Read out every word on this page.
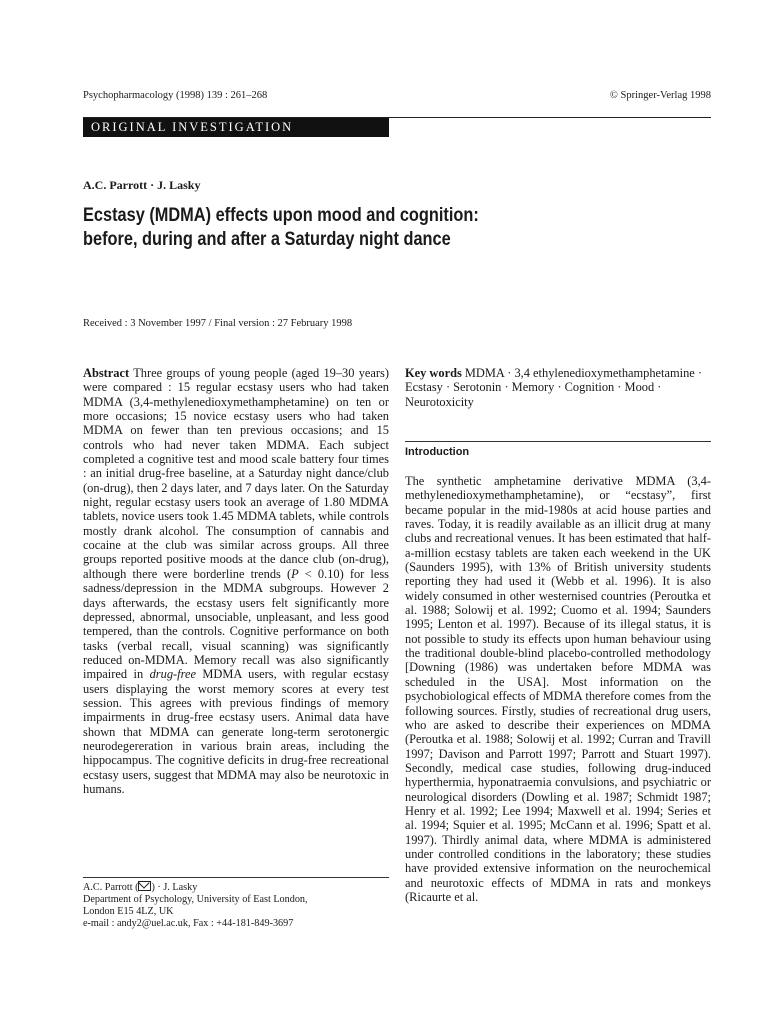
Psychopharmacology (1998) 139 : 261–268	© Springer-Verlag 1998
ORIGINAL INVESTIGATION
A.C. Parrott · J. Lasky
Ecstasy (MDMA) effects upon mood and cognition:
before, during and after a Saturday night dance
Received : 3 November 1997 / Final version : 27 February 1998
Abstract Three groups of young people (aged 19–30 years) were compared : 15 regular ecstasy users who had taken MDMA (3,4-methylenedioxymethamphetamine) on ten or more occasions; 15 novice ecstasy users who had taken MDMA on fewer than ten previous occasions; and 15 controls who had never taken MDMA. Each subject completed a cognitive test and mood scale battery four times : an initial drug-free baseline, at a Saturday night dance/club (on-drug), then 2 days later, and 7 days later. On the Saturday night, regular ecstasy users took an average of 1.80 MDMA tablets, novice users took 1.45 MDMA tablets, while controls mostly drank alcohol. The consumption of cannabis and cocaine at the club was similar across groups. All three groups reported positive moods at the dance club (on-drug), although there were borderline trends (P < 0.10) for less sadness/depression in the MDMA subgroups. However 2 days afterwards, the ecstasy users felt significantly more depressed, abnormal, unsociable, unpleasant, and less good tempered, than the controls. Cognitive performance on both tasks (verbal recall, visual scanning) was significantly reduced on-MDMA. Memory recall was also significantly impaired in drug-free MDMA users, with regular ecstasy users displaying the worst memory scores at every test session. This agrees with previous findings of memory impairments in drug-free ecstasy users. Animal data have shown that MDMA can generate long-term serotonergic neurodegereration in various brain areas, including the hippocampus. The cognitive deficits in drug-free recreational ecstasy users, suggest that MDMA may also be neurotoxic in humans.
Key words MDMA · 3,4 ethylenedioxymethamphetamine · Ecstasy · Serotonin · Memory · Cognition · Mood · Neurotoxicity
Introduction
The synthetic amphetamine derivative MDMA (3,4-methylenedioxymethamphetamine), or “ecstasy”, first became popular in the mid-1980s at acid house parties and raves. Today, it is readily available as an illicit drug at many clubs and recreational venues. It has been estimated that half-a-million ecstasy tablets are taken each weekend in the UK (Saunders 1995), with 13% of British university students reporting they had used it (Webb et al. 1996). It is also widely consumed in other westernised countries (Peroutka et al. 1988; Solowij et al. 1992; Cuomo et al. 1994; Saunders 1995; Lenton et al. 1997). Because of its illegal status, it is not possible to study its effects upon human behaviour using the traditional double-blind placebo-controlled methodology [Downing (1986) was undertaken before MDMA was scheduled in the USA]. Most information on the psychobiological effects of MDMA therefore comes from the following sources. Firstly, studies of recreational drug users, who are asked to describe their experiences on MDMA (Peroutka et al. 1988; Solowij et al. 1992; Curran and Travill 1997; Davison and Parrott 1997; Parrott and Stuart 1997). Secondly, medical case studies, following drug-induced hyperthermia, hyponatraemia convulsions, and psychiatric or neurological disorders (Dowling et al. 1987; Schmidt 1987; Henry et al. 1992; Lee 1994; Maxwell et al. 1994; Series et al. 1994; Squier et al. 1995; McCann et al. 1996; Spatt et al. 1997). Thirdly animal data, where MDMA is administered under controlled conditions in the laboratory; these studies have provided extensive information on the neurochemical and neurotoxic effects of MDMA in rats and monkeys (Ricaurte et al.
A.C. Parrott ( ) · J. Lasky
Department of Psychology, University of East London,
London E15 4LZ, UK
e-mail : andy2@uel.ac.uk, Fax : +44-181-849-3697
